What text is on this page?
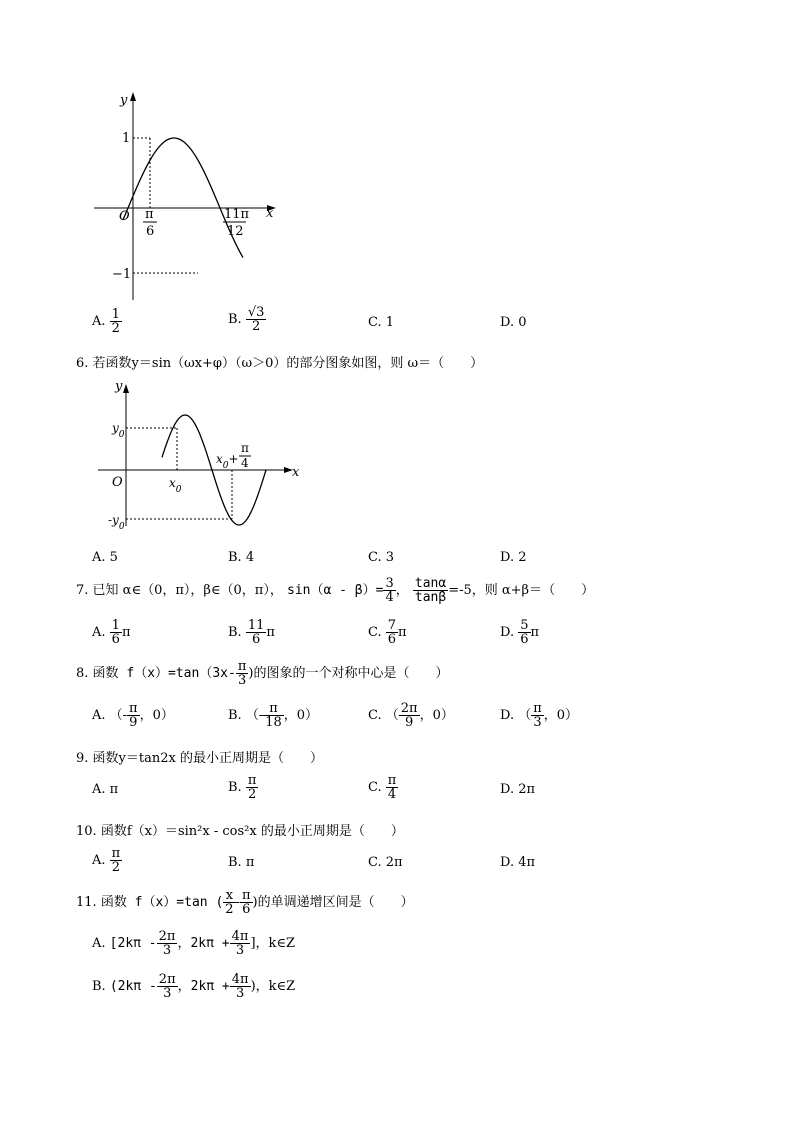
y
x
O
1
−1
π
6
11π
12
A. $\frac{1}{2}$	B. $\frac{√3}{2}$	C. 1	D. 0
6. 若函数y＝sin（ωx+φ）（ω＞0）的部分图象如图，则 ω＝（　　）
y
x
O
$y_0$
$-y_0$
$x_0$
$x_0+$
π
4
A. 5	B. 4	C. 3	D. 2
7. 已知 α∈（0，π），β∈（0，π）， $\sin(\alpha - \beta)= \frac{3}{4}$ ， $\frac{\tan\alpha}{\tan\beta} =-5$，则 α+β＝（　　）
A. $\frac{1}{6}$ π	B. $\frac{11}{6}$ π	C. $\frac{7}{6}$ π	D. $\frac{5}{6}$ π
8. 函数 $f(x)=\tan(3x- \frac{\pi}{3}$ )的图象的一个对称中心是（　　）
A. （- $\frac{\pi}{9}$ ，0）	B. （- $\frac{\pi}{18}$ ，0）	C. （ $\frac{2\pi}{9}$ ，0）	D. （ $\frac{\pi}{3}$ ，0）
9. 函数y＝tan2x 的最小正周期是（　　）
A. π	B. $\frac{\pi}{2}$	C. $\frac{\pi}{4}$	D. 2π
10. 函数f（x）＝sin²x - cos²x 的最小正周期是（　　）
A. $\frac{\pi}{2}$	B. π	C. 2π	D. 4π
11. 函数 f（x）=tan ( $\frac{x}{2} - \frac{\pi}{6}$ )的单调递增区间是（　　）
A. [$2k\pi - \frac{2\pi}{3}$ ，$2k\pi + \frac{4\pi}{3}$ ]，k∈Z
B. ($2k\pi - \frac{2\pi}{3}$ ，$2k\pi + \frac{4\pi}{3}$ )，k∈Z
